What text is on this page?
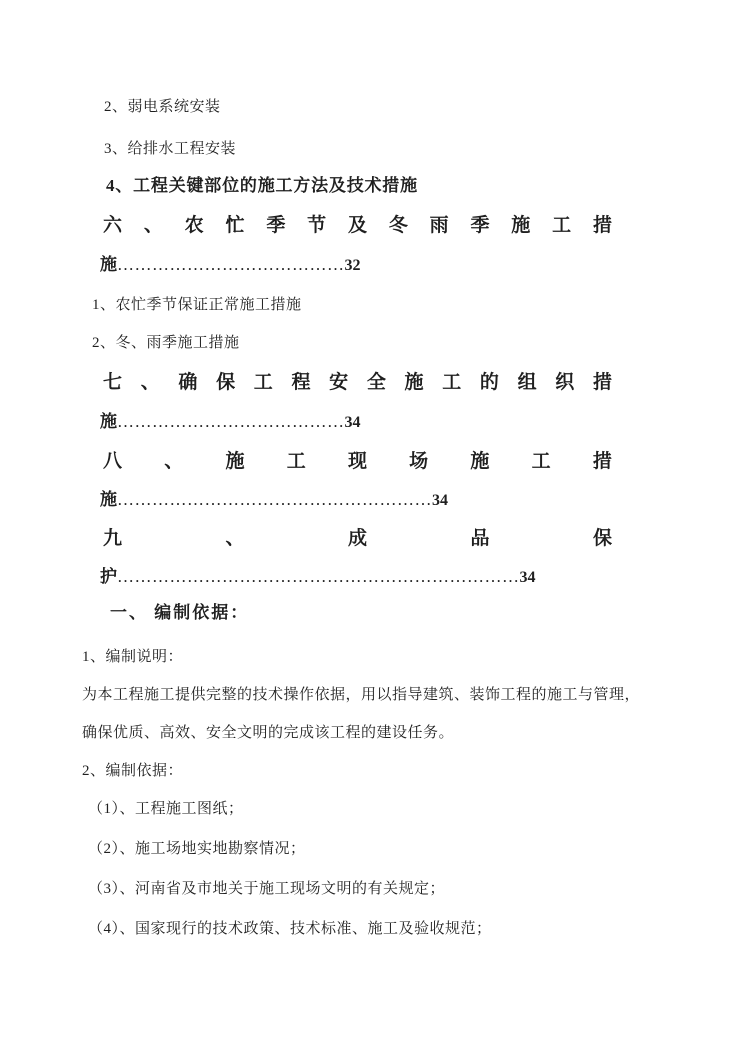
2、弱电系统安装
3、给排水工程安装
4、工程关键部位的施工方法及技术措施
六 、 农 忙 季 节 及 冬 雨 季 施 工 措
施…………………………………32
1、农忙季节保证正常施工措施
2、冬、雨季施工措施
七 、 确 保 工 程 安 全 施 工 的 组 织 措
施…………………………………34
八 、 施 工 现 场 施 工 措
施………………………………………………34
九	、	成	品	保
护……………………………………………………………34
一、 编制依据：
1、编制说明：
为本工程施工提供完整的技术操作依据，用以指导建筑、装饰工程的施工与管理，
确保优质、高效、安全文明的完成该工程的建设任务。
2、编制依据：
（1）、工程施工图纸；
（2）、施工场地实地勘察情况；
（3）、河南省及市地关于施工现场文明的有关规定；
（4）、国家现行的技术政策、技术标准、施工及验收规范；
